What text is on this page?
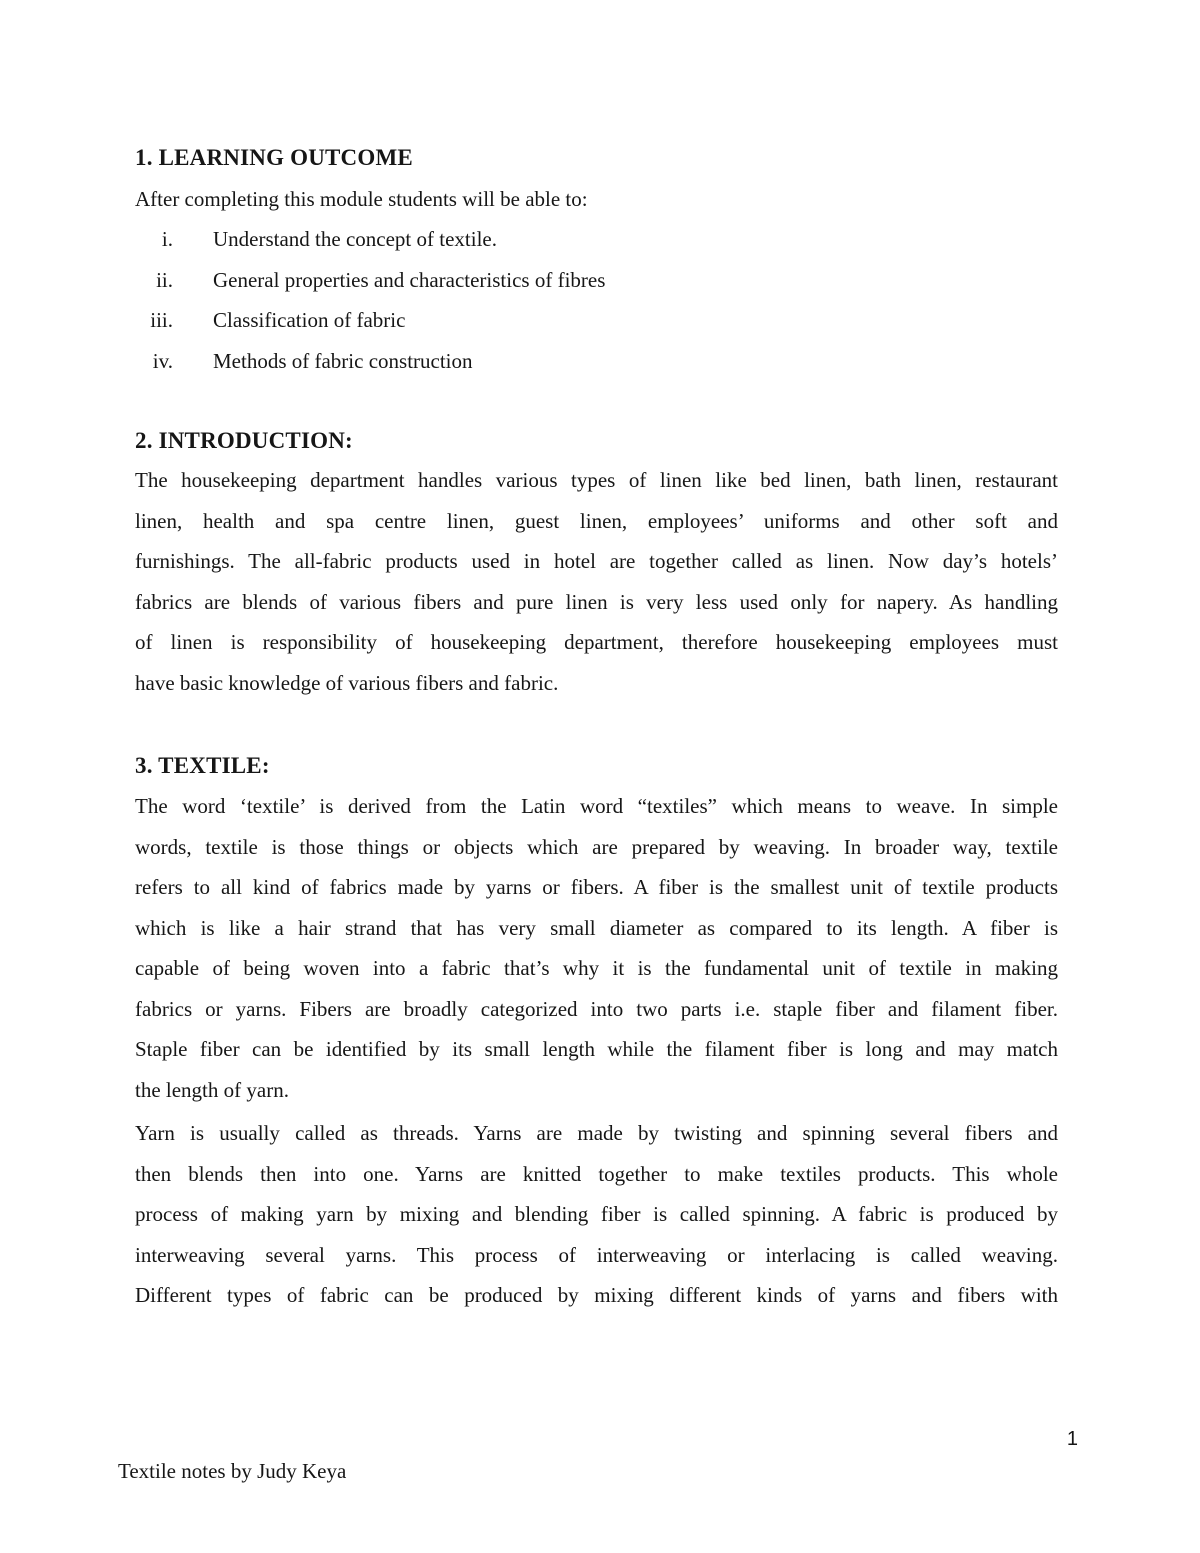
1. LEARNING OUTCOME
After completing this module students will be able to:
i. Understand the concept of textile.
ii. General properties and characteristics of fibres
iii. Classification of fabric
iv. Methods of fabric construction
2. INTRODUCTION:
The housekeeping department handles various types of linen like bed linen, bath linen, restaurant
linen, health and spa centre linen, guest linen, employees’ uniforms and other soft and
furnishings. The all-fabric products used in hotel are together called as linen. Now day’s hotels’
fabrics are blends of various fibers and pure linen is very less used only for napery. As handling
of linen is responsibility of housekeeping department, therefore housekeeping employees must
have basic knowledge of various fibers and fabric.
3. TEXTILE:
The word ‘textile’ is derived from the Latin word “textiles” which means to weave. In simple
words, textile is those things or objects which are prepared by weaving. In broader way, textile
refers to all kind of fabrics made by yarns or fibers. A fiber is the smallest unit of textile products
which is like a hair strand that has very small diameter as compared to its length. A fiber is
capable of being woven into a fabric that’s why it is the fundamental unit of textile in making
fabrics or yarns. Fibers are broadly categorized into two parts i.e. staple fiber and filament fiber.
Staple fiber can be identified by its small length while the filament fiber is long and may match
the length of yarn.
Yarn is usually called as threads. Yarns are made by twisting and spinning several fibers and
then blends then into one. Yarns are knitted together to make textiles products. This whole
process of making yarn by mixing and blending fiber is called spinning. A fabric is produced by
interweaving several yarns. This process of interweaving or interlacing is called weaving.
Different types of fabric can be produced by mixing different kinds of yarns and fibers with
1
Textile notes by Judy Keya
